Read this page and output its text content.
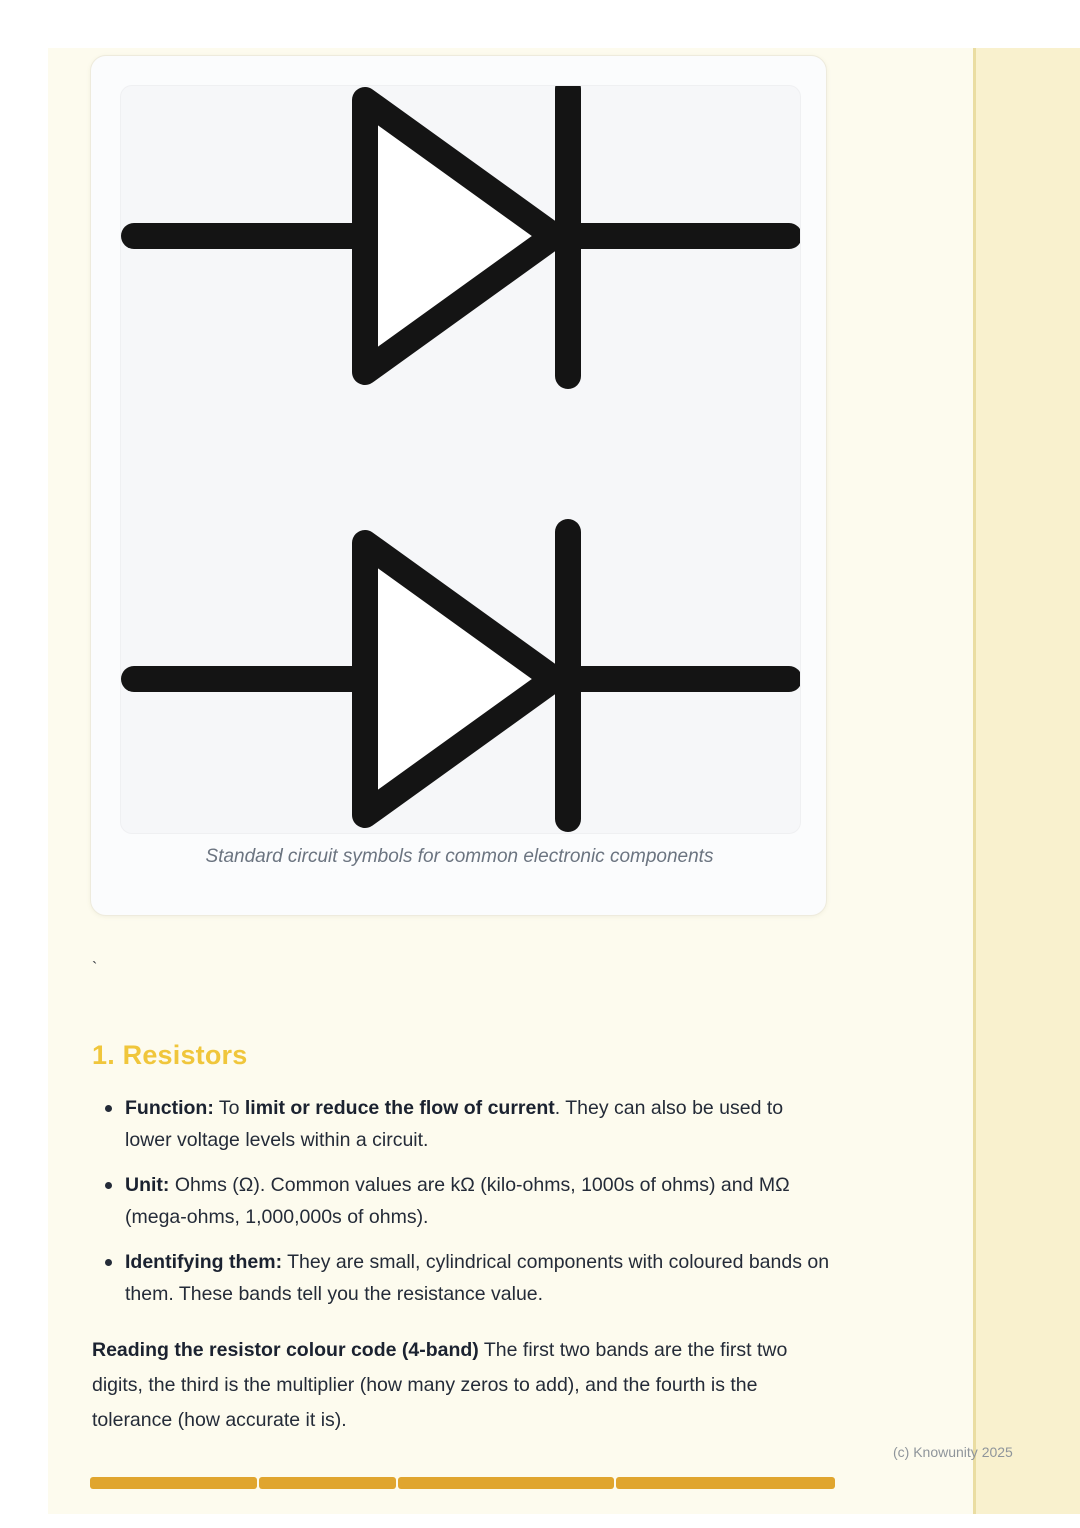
Standard circuit symbols for common electronic components
`
1. Resistors
Function: To limit or reduce the flow of current. They can also be used to lower voltage levels within a circuit.
Unit: Ohms (Ω). Common values are kΩ (kilo-ohms, 1000s of ohms) and MΩ (mega-ohms, 1,000,000s of ohms).
Identifying them: They are small, cylindrical components with coloured bands on them. These bands tell you the resistance value.
Reading the resistor colour code (4-band) The first two bands are the first two digits, the third is the multiplier (how many zeros to add), and the fourth is the tolerance (how accurate it is).
(c) Knowunity 2025
